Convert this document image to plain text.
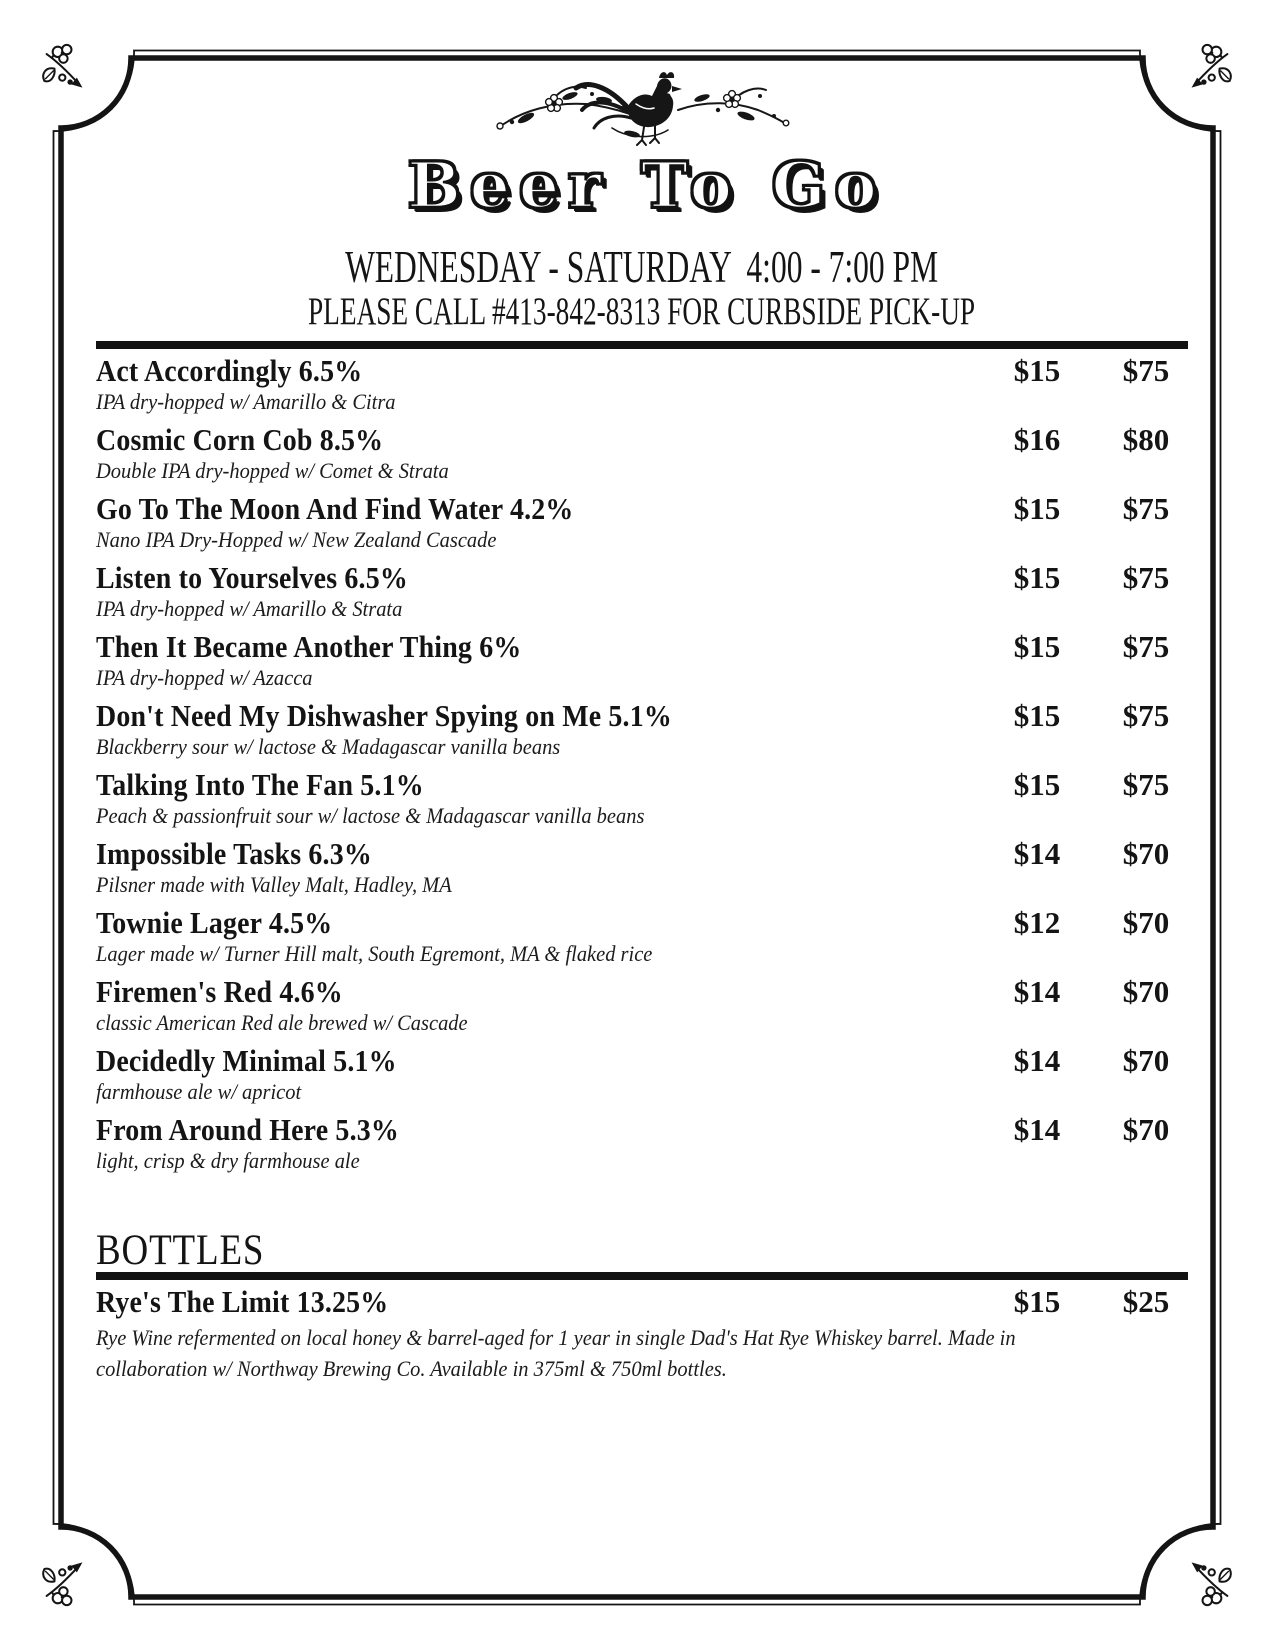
Beer To Go
WEDNESDAY - SATURDAY  4:00 - 7:00 PM
PLEASE CALL #413-842-8313 FOR CURBSIDE PICK-UP
Act Accordingly 6.5%	$15	$75
IPA dry-hopped w/ Amarillo & Citra
Cosmic Corn Cob 8.5%	$16	$80
Double IPA dry-hopped w/ Comet & Strata
Go To The Moon And Find Water 4.2%	$15	$75
Nano IPA Dry-Hopped w/ New Zealand Cascade
Listen to Yourselves 6.5%	$15	$75
IPA dry-hopped w/ Amarillo & Strata
Then It Became Another Thing 6%	$15	$75
IPA dry-hopped w/ Azacca
Don't Need My Dishwasher Spying on Me 5.1%	$15	$75
Blackberry sour w/ lactose & Madagascar vanilla beans
Talking Into The Fan 5.1%	$15	$75
Peach & passionfruit sour w/ lactose & Madagascar vanilla beans
Impossible Tasks 6.3%	$14	$70
Pilsner made with Valley Malt, Hadley, MA
Townie Lager 4.5%	$12	$70
Lager made w/ Turner Hill malt, South Egremont, MA & flaked rice
Firemen's Red 4.6%	$14	$70
classic American Red ale brewed w/ Cascade
Decidedly Minimal 5.1%	$14	$70
farmhouse ale w/ apricot
From Around Here 5.3%	$14	$70
light, crisp & dry farmhouse ale
BOTTLES
Rye's The Limit 13.25%	$15	$25
Rye Wine refermented on local honey & barrel-aged for 1 year in single Dad's Hat Rye Whiskey barrel. Made in collaboration w/ Northway Brewing Co. Available in 375ml & 750ml bottles.
